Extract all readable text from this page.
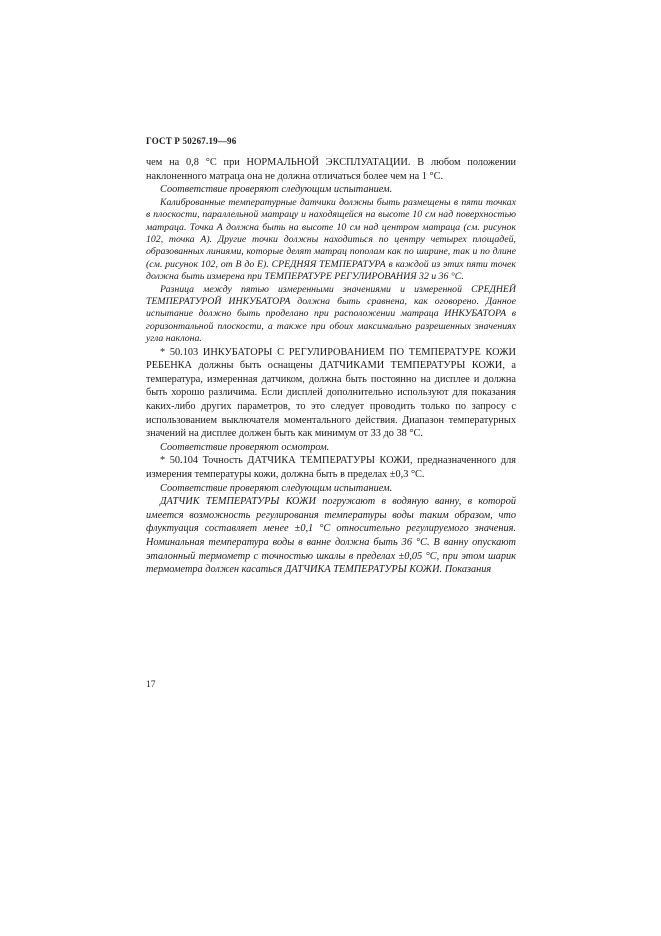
ГОСТ Р 50267.19—96

чем на 0,8 °С при НОРМАЛЬНОЙ ЭКСПЛУАТАЦИИ. В любом положении наклоненного матраца она не должна отличаться более чем на 1 °С.

Соответствие проверяют следующим испытанием.

Калиброванные температурные датчики должны быть размещены в пяти точках в плоскости, параллельной матрацу и находящейся на высоте 10 см над поверхностью матраца. Точка А должна быть на высоте 10 см над центром матраца (см. рисунок 102, точка А). Другие точки должны находиться по центру четырех площадей, образованных линиями, которые делят матрац пополам как по ширине, так и по длине (см. рисунок 102, от В до Е). СРЕДНЯЯ ТЕМПЕРАТУРА в каждой из этих пяти точек должна быть измерена при ТЕМПЕРАТУРЕ РЕГУЛИРОВАНИЯ 32 и 36 °С.

Разница между пятью измеренными значениями и измеренной СРЕДНЕЙ ТЕМПЕРАТУРОЙ ИНКУБАТОРА должна быть сравнена, как оговорено. Данное испытание должно быть проделано при расположении матраца ИНКУБАТОРА в горизонтальной плоскости, а также при обоих максимально разрешенных значениях угла наклона.

* 50.103 ИНКУБАТОРЫ С РЕГУЛИРОВАНИЕМ ПО ТЕМПЕРАТУРЕ КОЖИ РЕБЕНКА должны быть оснащены ДАТЧИКАМИ ТЕМПЕРАТУРЫ КОЖИ, а температура, измеренная датчиком, должна быть постоянно на дисплее и должна быть хорошо различима. Если дисплей дополнительно используют для показания каких-либо других параметров, то это следует проводить только по запросу с использованием выключателя моментального действия. Диапазон температурных значений на дисплее должен быть как минимум от 33 до 38 °С.

Соответствие проверяют осмотром.

* 50.104 Точность ДАТЧИКА ТЕМПЕРАТУРЫ КОЖИ, предназначенного для измерения температуры кожи, должна быть в пределах ±0,3 °С.

Соответствие проверяют следующим испытанием.

ДАТЧИК ТЕМПЕРАТУРЫ КОЖИ погружают в водяную ванну, в которой имеется возможность регулирования температуры воды таким образом, что флуктуация составляет менее ±0,1 °С относительно регулируемого значения. Номинальная температура воды в ванне должна быть 36 °С. В ванну опускают эталонный термометр с точностью шкалы в пределах ±0,05 °С, при этом шарик термометра должен касаться ДАТЧИКА ТЕМПЕРАТУРЫ КОЖИ. Показания

17
